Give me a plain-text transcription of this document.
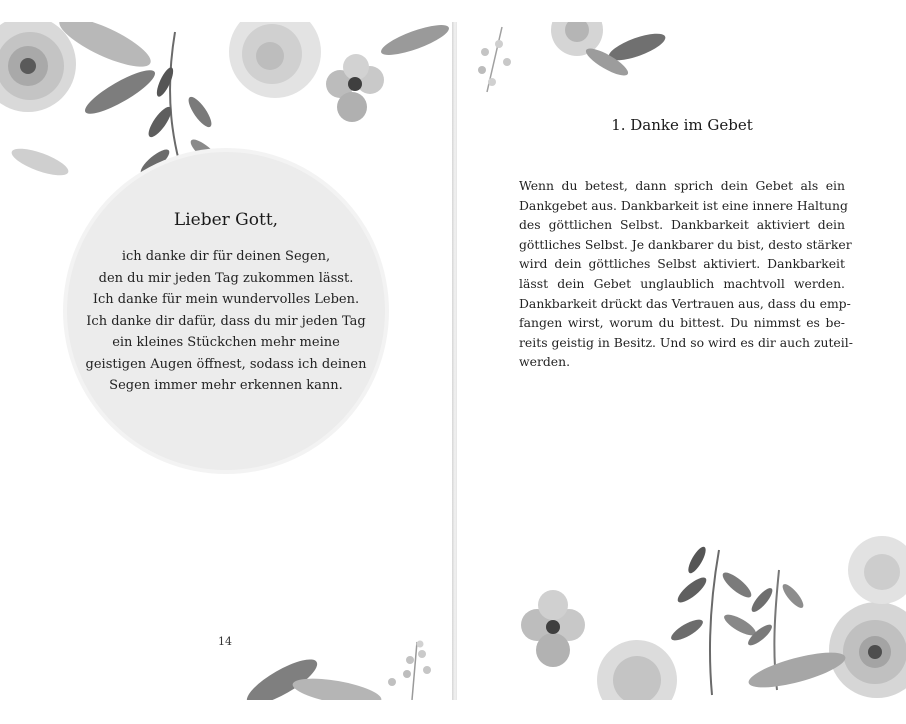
Lieber Gott,
ich danke dir für deinen Segen,
den du mir jeden Tag zukommen lässt.
Ich danke für mein wundervolles Leben.
Ich danke dir dafür, dass du mir jeden Tag
ein kleines Stückchen mehr meine
geistigen Augen öffnest, sodass ich deinen
Segen immer mehr erkennen kann.
14
1. Danke im Gebet
Wenn du betest, dann sprich dein Gebet als ein
Dankgebet aus. Dankbarkeit ist eine innere Haltung
des göttlichen Selbst. Dankbarkeit aktiviert dein
göttliches Selbst. Je dankbarer du bist, desto stärker
wird dein göttliches Selbst aktiviert. Dankbarkeit
lässt dein Gebet unglaublich machtvoll werden.
Dankbarkeit drückt das Vertrauen aus, dass du emp-
fangen wirst, worum du bittest. Du nimmst es be-
reits geistig in Besitz. Und so wird es dir auch zuteil-
werden.
